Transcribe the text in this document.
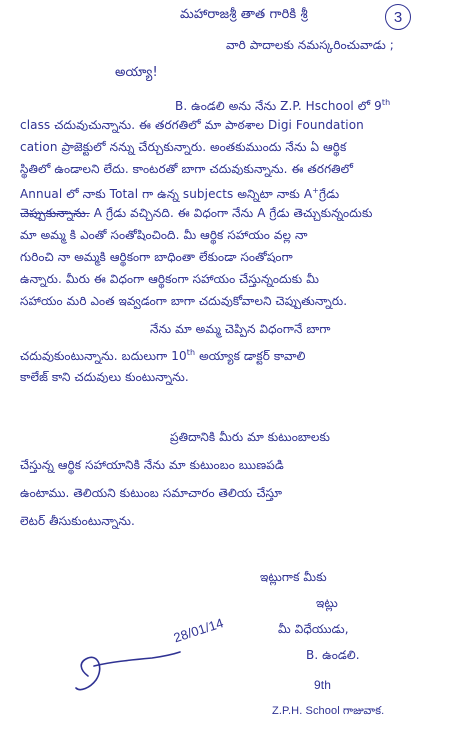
మహారాజశ్రీ తాత గారికి శ్రీ	3
వారి పాదాలకు నమస్కరించువాడు ;
అయ్యా!
B. ఉండలి అను నేను Z.P. Hschool లో 9th
class చదువుచున్నాను. ఈ తరగతిలో మా పాఠశాల Digi Foundation
cation ప్రాజెక్టులో నన్ను చేర్చుకున్నారు. అంతకుముందు నేను ఏ ఆర్థిక
స్థితిలో ఉండాలని లేదు. కాంటరతో బాగా చదువుకున్నాను. ఈ తరగతిలో
Annual లో నాకు Total గా ఉన్న subjects అన్నిటా నాకు A+గ్రేడు
చెప్పుకున్నాను. A గ్రేడు వచ్చినది. ఈ విధంగా నేను A గ్రేడు తెచ్చుకున్నందుకు
మా అమ్మ కి ఎంతో సంతోషించింది. మీ ఆర్థిక సహాయం వల్ల నా
గురించి నా అమ్మకి ఆర్థికంగా బాధింతా లేకుండా సంతోషంగా
ఉన్నారు. మీరు ఈ విధంగా ఆర్థికంగా సహాయం చేస్తున్నందుకు మీ
సహాయం మరి ఎంత ఇవ్వడంగా బాగా చదువుకోవాలని చెప్పుతున్నారు.
నేను మా అమ్మ చెప్పిన విధంగానే బాగా
చదువుకుంటున్నాను. బదులుగా 10th అయ్యాక డాక్టర్ కావాలి
కాలేజ్ కాని చదువులు కుంటున్నాను.
ప్రతిదానికి మీరు మా కుటుంబాలకు
చేస్తున్న ఆర్థిక సహాయానికి నేను మా కుటుంబం ఋణపడి
ఉంటాము. తెలియని కుటుంబ సమాచారం తెలియ చేస్తూ
లెటర్ తీసుకుంటున్నాను.
ఇట్లుగాక మీకు
ఇట్లు
మీ విధేయుడు,
B. ఉండలి.
9th
Z.P.H. School గాజువాక.
28/01/14
